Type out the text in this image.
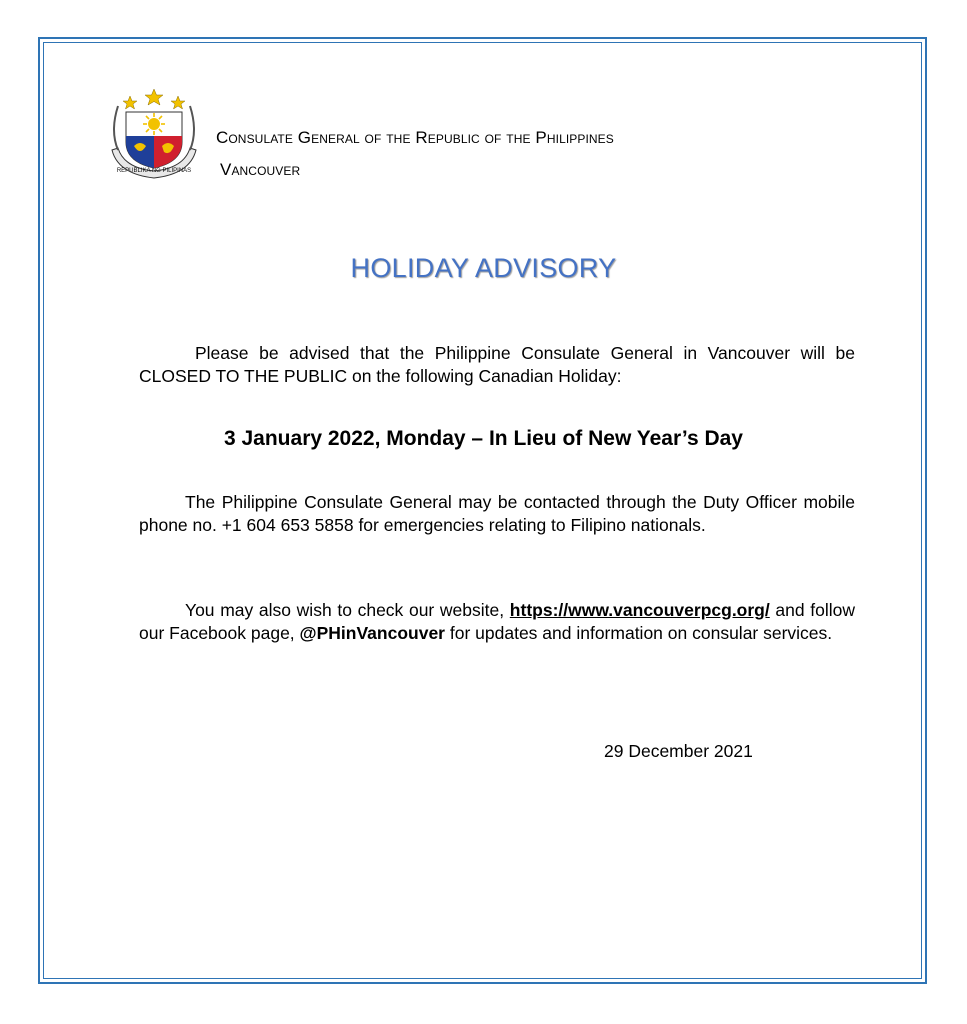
REPUBLIKA NG PILIPINAS
Consulate General of the Republic of the Philippines
Vancouver
HOLIDAY ADVISORY
Please be advised that the Philippine Consulate General in Vancouver will be CLOSED TO THE PUBLIC on the following Canadian Holiday:
3 January 2022, Monday – In Lieu of New Year’s Day
The Philippine Consulate General may be contacted through the Duty Officer mobile phone no. +1 604 653 5858 for emergencies relating to Filipino nationals.
You may also wish to check our website, https://www.vancouverpcg.org/ and follow our Facebook page, @PHinVancouver for updates and information on consular services.
29 December 2021
